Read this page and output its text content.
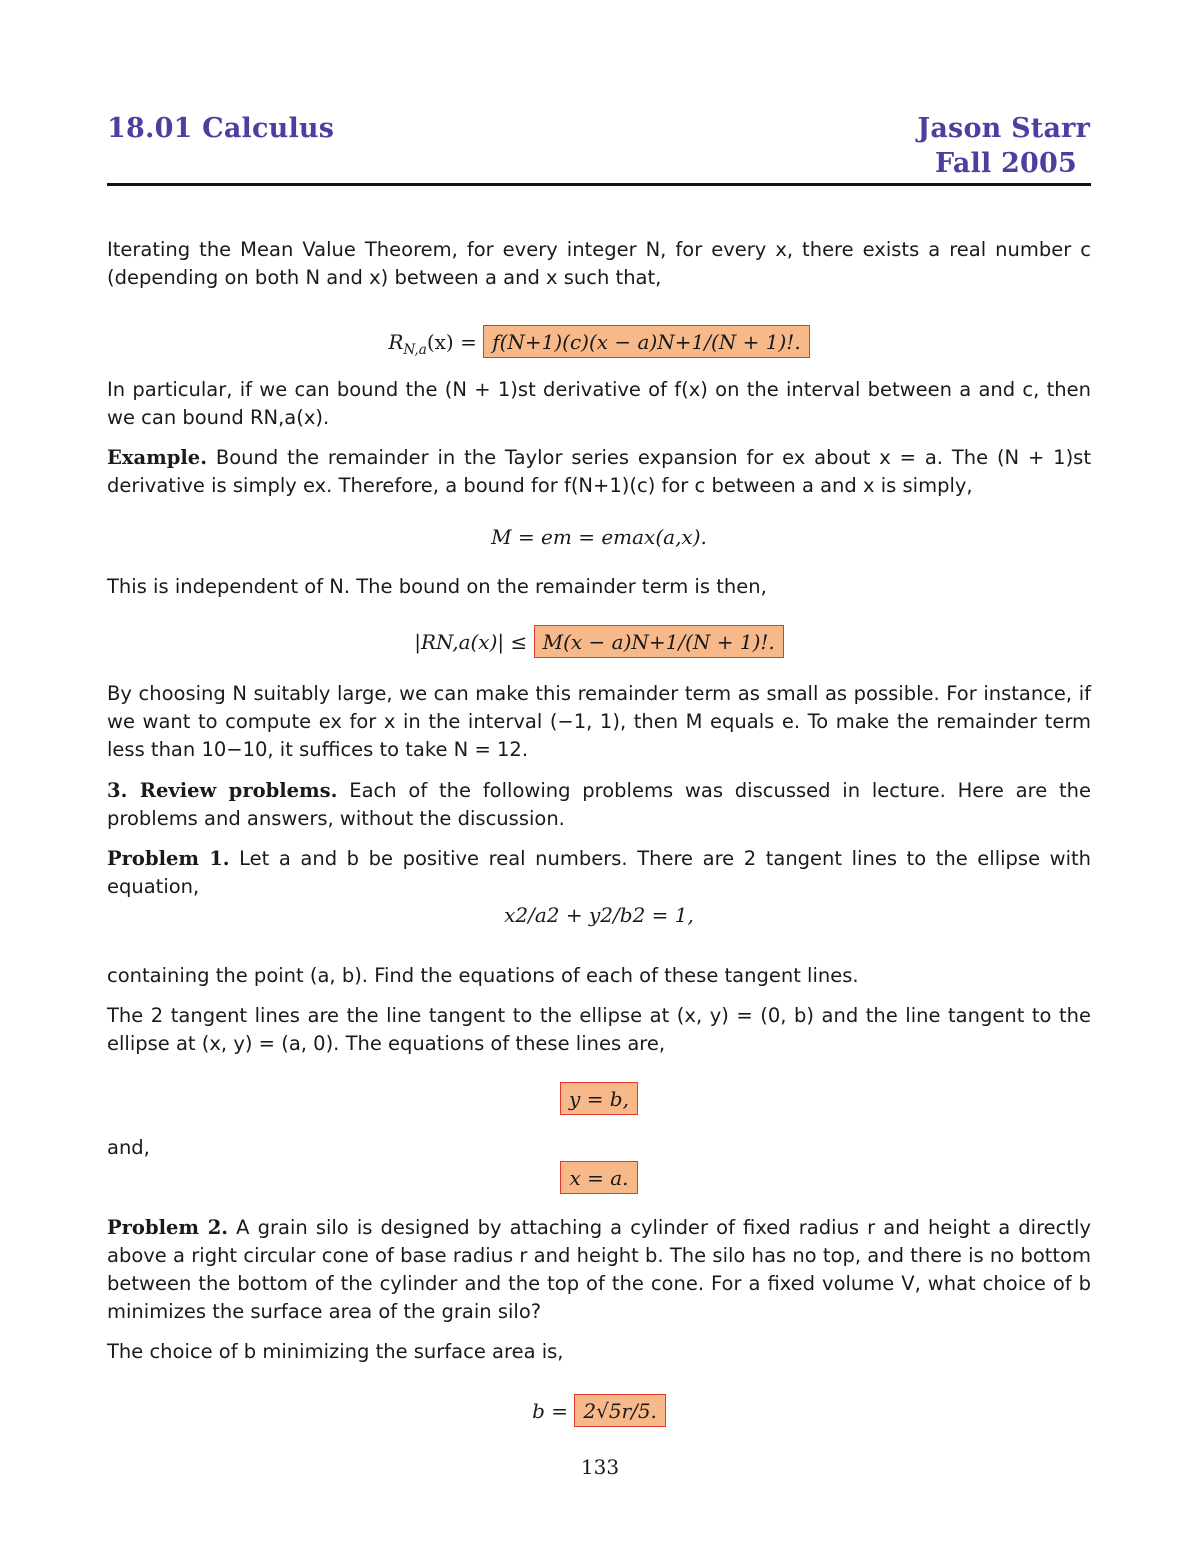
18.01 Calculus	Jason Starr
Fall 2005

Iterating the Mean Value Theorem, for every integer N, for every x, there exists a real number c (depending on both N and x) between a and x such that,

$R_{N,a}(x) = f(N+1)(c)(x - a)N+1/(N + 1)$!.

In particular, if we can bound the (N + 1)st derivative of f(x) on the interval between a and c, then we can bound RN,a(x).

Example. Bound the remainder in the Taylor series expansion for ex about x = a. The (N + 1)st derivative is simply ex. Therefore, a bound for f(N+1)(c) for c between a and x is simply,

M = em = emax(a,x).

This is independent of N. The bound on the remainder term is then,

|RN,a(x)| ≤ M(x − a)N+1/(N + 1)!.

By choosing N suitably large, we can make this remainder term as small as possible. For instance, if we want to compute ex for x in the interval (−1, 1), then M equals e. To make the remainder term less than 10−10, it suffices to take N = 12.

3. Review problems. Each of the following problems was discussed in lecture. Here are the problems and answers, without the discussion.

Problem 1. Let a and b be positive real numbers. There are 2 tangent lines to the ellipse with equation,

x2/a2 + y2/b2 = 1,

containing the point (a, b). Find the equations of each of these tangent lines.

The 2 tangent lines are the line tangent to the ellipse at (x, y) = (0, b) and the line tangent to the ellipse at (x, y) = (a, 0). The equations of these lines are,

y = b,

and,

x = a.

Problem 2. A grain silo is designed by attaching a cylinder of fixed radius r and height a directly above a right circular cone of base radius r and height b. The silo has no top, and there is no bottom between the bottom of the cylinder and the top of the cone. For a fixed volume V, what choice of b minimizes the surface area of the grain silo?

The choice of b minimizing the surface area is,

b = 2√5r/5.
133
